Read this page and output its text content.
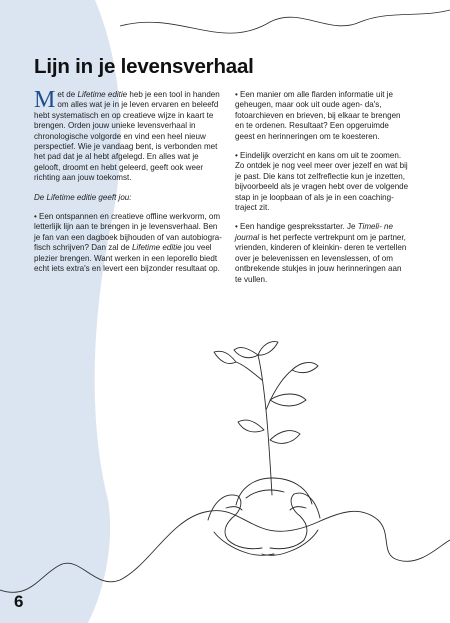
Lijn in je levensverhaal

Met de Lifetime editie heb je een tool in handen om alles wat je in je leven ervaren en beleefd hebt systematisch en op creatieve wijze in kaart te brengen. Orden jouw unieke levensverhaal in chronologische volgorde en vind een heel nieuw perspectief. Wie je vandaag bent, is verbonden met het pad dat je al hebt afgelegd. En alles wat je gelooft, droomt en hebt geleerd, geeft ook weer richting aan jouw toekomst.

De Lifetime editie geeft jou:

• Een ontspannen en creatieve offline werkvorm, om letterlijk lijn aan te brengen in je levensverhaal. Ben je fan van een dagboek bijhouden of van autobiogra- fisch schrijven? Dan zal de Lifetime editie jou veel plezier brengen. Want werken in een leporello biedt echt iets extra's en levert een bijzonder resultaat op.

• Een manier om alle flarden informatie uit je geheugen, maar ook uit oude agen- da's, fotoarchieven en brieven, bij elkaar te brengen en te ordenen. Resultaat? Een opgeruimde geest en herinneringen om te koesteren.

• Eindelijk overzicht en kans om uit te zoomen. Zo ontdek je nog veel meer over jezelf en wat bij je past. Die kans tot zelfreflectie kun je inzetten, bijvoorbeeld als je vragen hebt over de volgende stap in je loopbaan of als je in een coaching- traject zit.

• Een handige gespreksstarter. Je Timeli- ne journal is het perfecte vertrekpunt om je partner, vrienden, kinderen of kleinkin- deren te vertellen over je belevenissen en levenslessen, of om ontbrekende stukjes in jouw herinneringen aan te vullen.

6
